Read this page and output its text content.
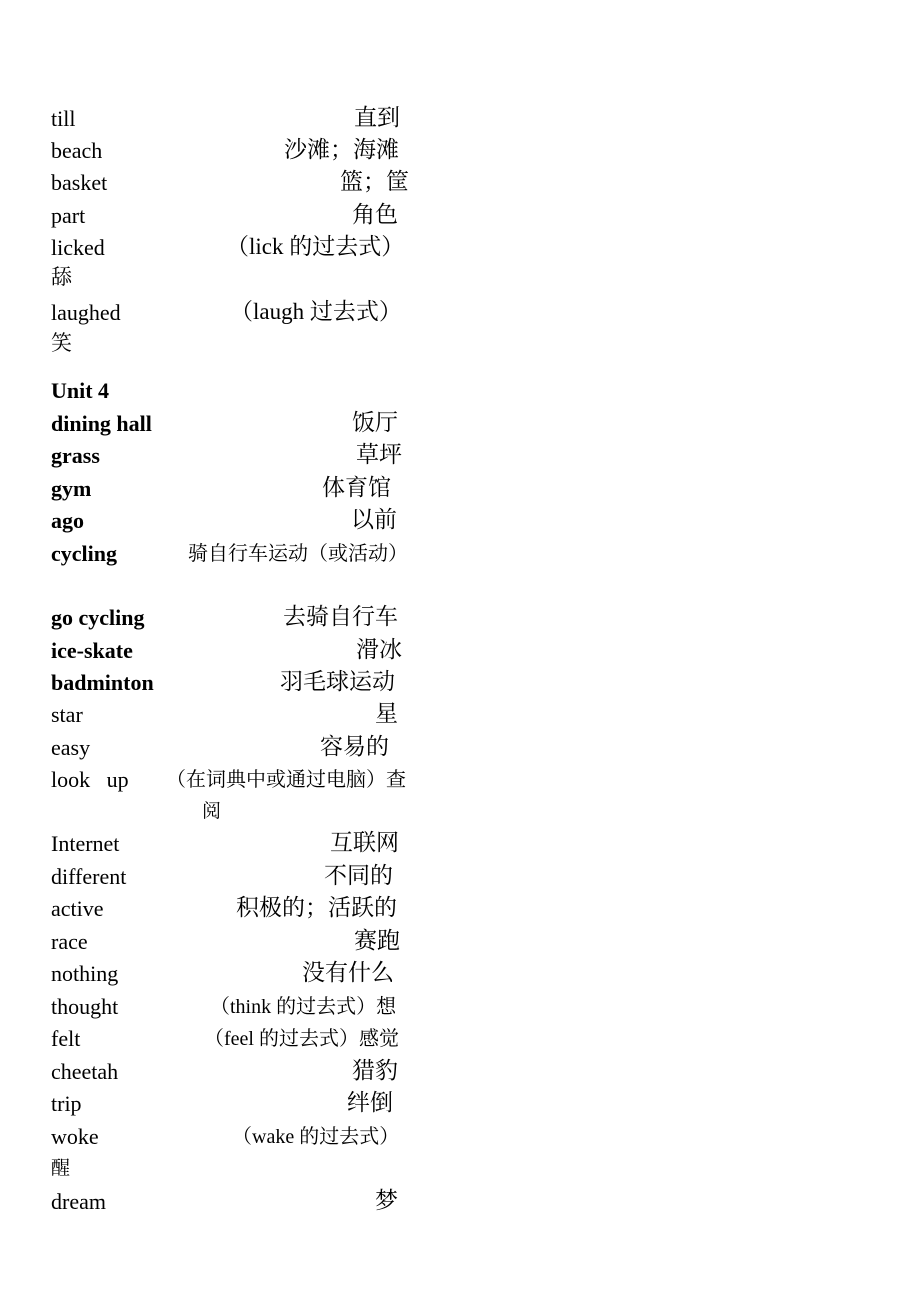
till	直到
beach	沙滩；海滩
basket	篮；筐
part	角色
licked	（lick 的过去式）
舔
laughed	（laugh 过去式）
笑
Unit 4
dining hall	饭厅
grass	草坪
gym	体育馆
ago	以前
cycling	骑自行车运动（或活动）
go cycling	去骑自行车
ice-skate	滑冰
badminton	羽毛球运动
star	星
easy	容易的
look   up （在词典中或通过电脑）查
阅
Internet	互联网
different	不同的
active	积极的；活跃的
race	赛跑
nothing	没有什么
thought	（think 的过去式）想
felt	（feel 的过去式）感觉
cheetah	猎豹
trip	绊倒
woke	（wake 的过去式）
醒
dream	梦
